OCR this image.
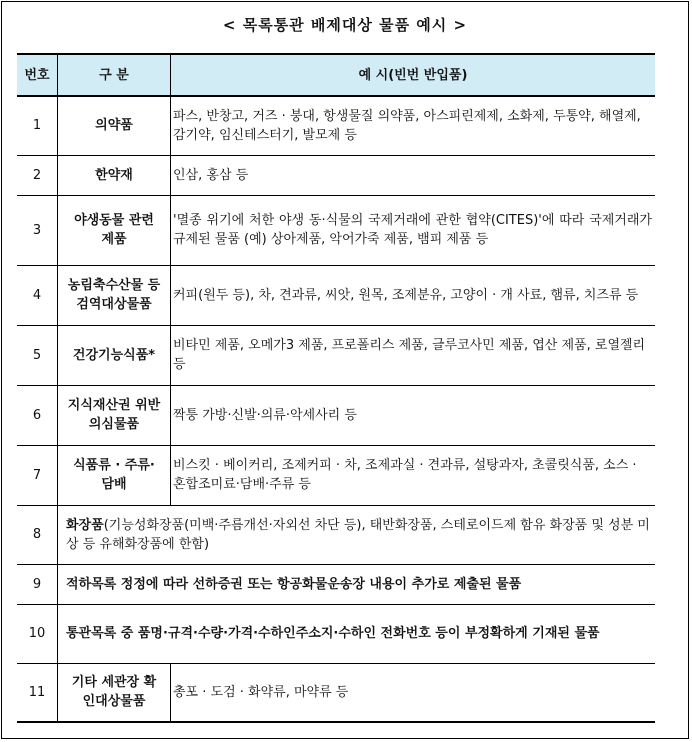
< 목록통관 배제대상 물품 예시 >
번호	구 분	예 시(빈번 반입품)
1	의약품	파스, 반창고, 거즈 · 붕대, 항생물질 의약품, 아스피린제제, 소화제, 두통약, 해열제, 감기약, 임신테스터기, 발모제 등
2	한약재	인삼, 홍삼 등
3	야생동물 관련 제품	'멸종 위기에 처한 야생 동·식물의 국제거래에 관한 협약(CITES)'에 따라 국제거래가 규제된 물품 (예) 상아제품, 악어가죽 제품, 뱀피 제품 등
4	농림축수산물 등 검역대상물품	커피(원두 등), 차, 견과류, 씨앗, 원목, 조제분유, 고양이 · 개 사료, 햄류, 치즈류 등
5	건강기능식품*	비타민 제품, 오메가3 제품, 프로폴리스 제품, 글루코사민 제품, 엽산 제품, 로열젤리 등
6	지식재산권 위반 의심물품	짝퉁 가방·신발·의류·악세사리 등
7	식품류 · 주류·담배	비스킷 · 베이커리, 조제커피 · 차, 조제과실 · 견과류, 설탕과자, 초콜릿식품, 소스 · 혼합조미료·담배·주류 등
8	화장품(기능성화장품(미백·주름개선·자외선 차단 등), 태반화장품, 스테로이드제 함유 화장품 및 성분 미상 등 유해화장품에 한함)	
9	적하목록 정정에 따라 선하증권 또는 항공화물운송장 내용이 추가로 제출된 물품	
10	통관목록 중 품명·규격·수량·가격·수하인주소지·수하인 전화번호 등이 부정확하게 기재된 물품	
11	기타 세관장 확인대상물품	총포 · 도검 · 화약류, 마약류 등
